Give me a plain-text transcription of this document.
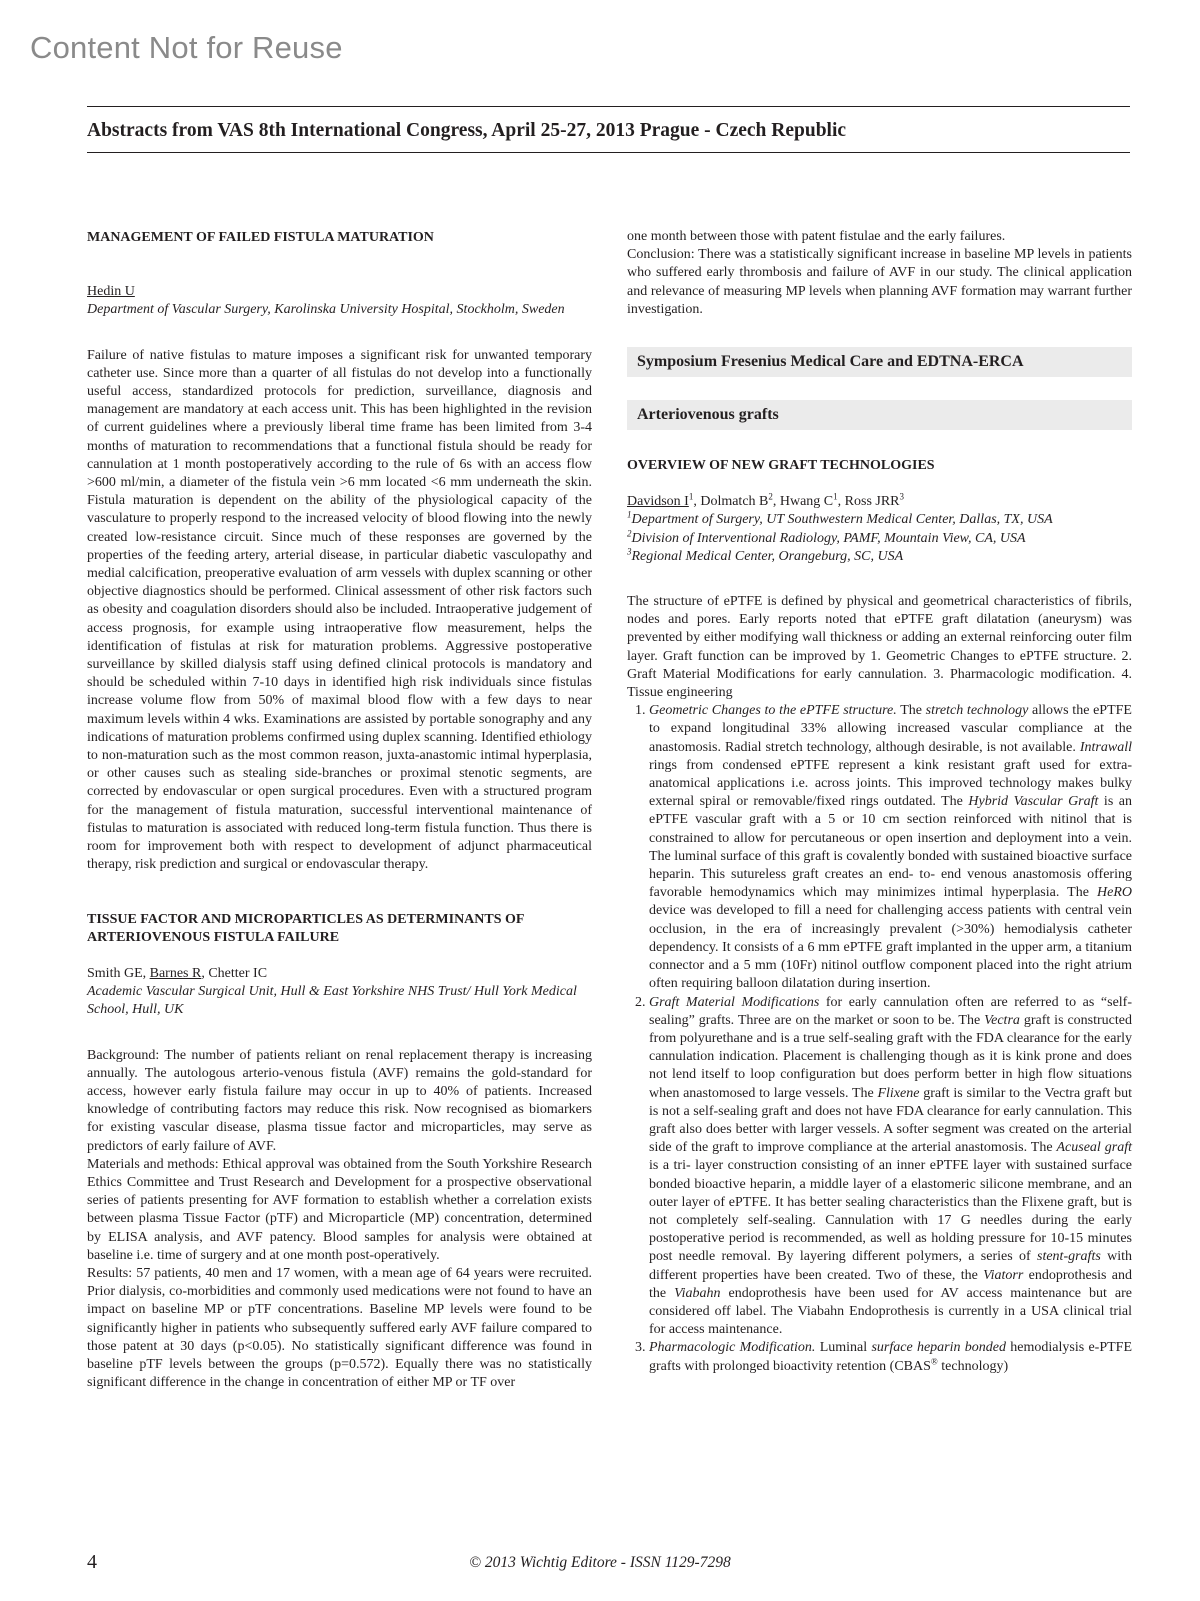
Content Not for Reuse
Abstracts from VAS 8th International Congress, April 25-27, 2013 Prague - Czech Republic

MANAGEMENT OF FAILED FISTULA MATURATION

Hedin U

Department of Vascular Surgery, Karolinska University Hospital, Stockholm, Sweden

Failure of native fistulas to mature imposes a significant risk for unwanted temporary catheter use. Since more than a quarter of all fistulas do not develop into a functionally useful access, standardized protocols for prediction, surveillance, diagnosis and management are mandatory at each access unit. This has been highlighted in the revision of current guidelines where a previously liberal time frame has been limited from 3-4 months of maturation to recommendations that a functional fistula should be ready for cannulation at 1 month postoperatively according to the rule of 6s with an access flow >600 ml/min, a diameter of the fistula vein >6 mm located <6 mm underneath the skin. Fistula maturation is dependent on the ability of the physiological capacity of the vasculature to properly respond to the increased velocity of blood flowing into the newly created low-resistance circuit. Since much of these responses are governed by the properties of the feeding artery, arterial disease, in particular diabetic vasculopathy and medial calcification, preoperative evaluation of arm vessels with duplex scanning or other objective diagnostics should be performed. Clinical assessment of other risk factors such as obesity and coagulation disorders should also be included. Intraoperative judgement of access prognosis, for example using intraoperative flow measurement, helps the identification of fistulas at risk for maturation problems. Aggressive postoperative surveillance by skilled dialysis staff using defined clinical protocols is mandatory and should be scheduled within 7-10 days in identified high risk individuals since fistulas increase volume flow from 50% of maximal blood flow with a few days to near maximum levels within 4 wks. Examinations are assisted by portable sonography and any indications of maturation problems confirmed using duplex scanning. Identified ethiology to non-maturation such as the most common reason, juxta-anastomic intimal hyperplasia, or other causes such as stealing side-branches or proximal stenotic segments, are corrected by endovascular or open surgical procedures. Even with a structured program for the management of fistula maturation, successful interventional maintenance of fistulas to maturation is associated with reduced long-term fistula function. Thus there is room for improvement both with respect to development of adjunct pharmaceutical therapy, risk prediction and surgical or endovascular therapy.

TISSUE FACTOR AND MICROPARTICLES AS DETERMINANTS OF ARTERIOVENOUS FISTULA FAILURE

Smith GE, Barnes R, Chetter IC

Academic Vascular Surgical Unit, Hull & East Yorkshire NHS Trust/ Hull York Medical School, Hull, UK

Background: The number of patients reliant on renal replacement therapy is increasing annually. The autologous arterio-venous fistula (AVF) remains the gold-standard for access, however early fistula failure may occur in up to 40% of patients. Increased knowledge of contributing factors may reduce this risk. Now recognised as biomarkers for existing vascular disease, plasma tissue factor and microparticles, may serve as predictors of early failure of AVF.

Materials and methods: Ethical approval was obtained from the South Yorkshire Research Ethics Committee and Trust Research and Development for a prospective observational series of patients presenting for AVF formation to establish whether a correlation exists between plasma Tissue Factor (pTF) and Microparticle (MP) concentration, determined by ELISA analysis, and AVF patency. Blood samples for analysis were obtained at baseline i.e. time of surgery and at one month post-operatively.

Results: 57 patients, 40 men and 17 women, with a mean age of 64 years were recruited. Prior dialysis, co-morbidities and commonly used medications were not found to have an impact on baseline MP or pTF concentrations. Baseline MP levels were found to be significantly higher in patients who subsequently suffered early AVF failure compared to those patent at 30 days (p<0.05). No statistically significant difference was found in baseline pTF levels between the groups (p=0.572). Equally there was no statistically significant difference in the change in concentration of either MP or TF over

one month between those with patent fistulae and the early failures.

Conclusion: There was a statistically significant increase in baseline MP levels in patients who suffered early thrombosis and failure of AVF in our study. The clinical application and relevance of measuring MP levels when planning AVF formation may warrant further investigation.

Symposium Fresenius Medical Care and EDTNA-ERCA
Arteriovenous grafts

OVERVIEW OF NEW GRAFT TECHNOLOGIES

Davidson $I^1$, Dolmatch $B^2$, Hwang $C^1$, Ross JRR$^3$

$^1$Department of Surgery, UT Southwestern Medical Center, Dallas, TX, USA

$^2$Division of Interventional Radiology, PAMF, Mountain View, CA, USA

$^3$Regional Medical Center, Orangeburg, SC, USA

The structure of ePTFE is defined by physical and geometrical characteristics of fibrils, nodes and pores. Early reports noted that ePTFE graft dilatation (aneurysm) was prevented by either modifying wall thickness or adding an external reinforcing outer film layer. Graft function can be improved by 1. Geometric Changes to ePTFE structure. 2. Graft Material Modifications for early cannulation. 3. Pharmacologic modification. 4. Tissue engineering

1. Geometric Changes to the ePTFE structure. The stretch technology allows the ePTFE to expand longitudinal 33% allowing increased vascular compliance at the anastomosis. Radial stretch technology, although desirable, is not available. Intrawall rings from condensed ePTFE represent a kink resistant graft used for extra-anatomical applications i.e. across joints. This improved technology makes bulky external spiral or removable/fixed rings outdated. The Hybrid Vascular Graft is an ePTFE vascular graft with a 5 or 10 cm section reinforced with nitinol that is constrained to allow for percutaneous or open insertion and deployment into a vein. The luminal surface of this graft is covalently bonded with sustained bioactive surface heparin. This sutureless graft creates an end- to- end venous anastomosis offering favorable hemodynamics which may minimizes intimal hyperplasia. The HeRO device was developed to fill a need for challenging access patients with central vein occlusion, in the era of increasingly prevalent (>30%) hemodialysis catheter dependency. It consists of a 6 mm ePTFE graft implanted in the upper arm, a titanium connector and a 5 mm (10Fr) nitinol outflow component placed into the right atrium often requiring balloon dilatation during insertion.
2. Graft Material Modifications for early cannulation often are referred to as “self-sealing” grafts. Three are on the market or soon to be. The Vectra graft is constructed from polyurethane and is a true self-sealing graft with the FDA clearance for the early cannulation indication. Placement is challenging though as it is kink prone and does not lend itself to loop configuration but does perform better in high flow situations when anastomosed to large vessels. The Flixene graft is similar to the Vectra graft but is not a self-sealing graft and does not have FDA clearance for early cannulation. This graft also does better with larger vessels. A softer segment was created on the arterial side of the graft to improve compliance at the arterial anastomosis. The Acuseal graft is a tri- layer construction consisting of an inner ePTFE layer with sustained surface bonded bioactive heparin, a middle layer of a elastomeric silicone membrane, and an outer layer of ePTFE. It has better sealing characteristics than the Flixene graft, but is not completely self-sealing. Cannulation with 17 G needles during the early postoperative period is recommended, as well as holding pressure for 10-15 minutes post needle removal. By layering different polymers, a series of stent-grafts with different properties have been created. Two of these, the Viatorr endoprothesis and the Viabahn endoprothesis have been used for AV access maintenance but are considered off label. The Viabahn Endoprothesis is currently in a USA clinical trial for access maintenance.
3. Pharmacologic Modification. Luminal surface heparin bonded hemodialysis e-PTFE grafts with prolonged bioactivity retention (CBAS® technology)
4	© 2013 Wichtig Editore - ISSN 1129-7298
